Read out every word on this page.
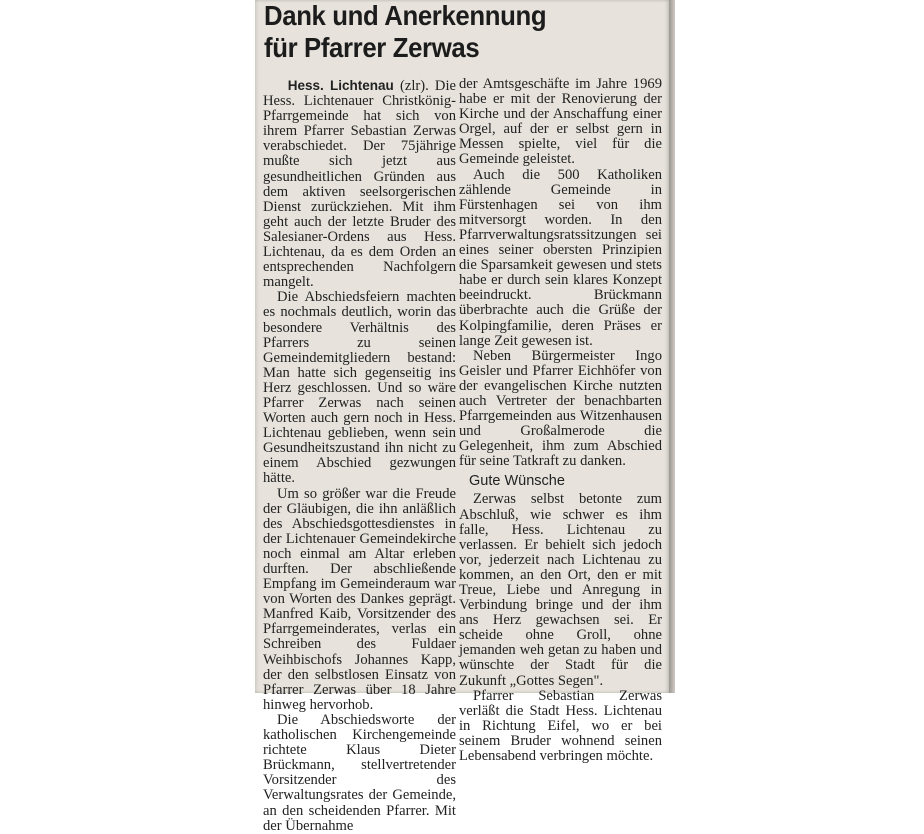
Dank und Anerkennung
für Pfarrer Zerwas

Hess. Lichtenau (zlr). Die Hess. Lichtenauer Christkönig-Pfarrgemeinde hat sich von ihrem Pfarrer Sebastian Zerwas verabschiedet. Der 75jährige mußte sich jetzt aus gesundheitlichen Gründen aus dem aktiven seelsorgerischen Dienst zurückziehen. Mit ihm geht auch der letzte Bruder des Salesianer-Ordens aus Hess. Lichtenau, da es dem Orden an entsprechenden Nachfolgern mangelt.

Die Abschiedsfeiern machten es nochmals deutlich, worin das besondere Verhältnis des Pfarrers zu seinen Gemeindemitgliedern bestand: Man hatte sich gegenseitig ins Herz geschlossen. Und so wäre Pfarrer Zerwas nach seinen Worten auch gern noch in Hess. Lichtenau geblieben, wenn sein Gesundheitszustand ihn nicht zu einem Abschied gezwungen hätte.

Um so größer war die Freude der Gläubigen, die ihn anläßlich des Abschiedsgottesdienstes in der Lichtenauer Gemeindekirche noch einmal am Altar erleben durften. Der abschließende Empfang im Gemeinderaum war von Worten des Dankes geprägt. Manfred Kaib, Vorsitzender des Pfarrgemeinderates, verlas ein Schreiben des Fuldaer Weihbischofs Johannes Kapp, der den selbstlosen Einsatz von Pfarrer Zerwas über 18 Jahre hinweg hervorhob.

Die Abschiedsworte der katholischen Kirchengemeinde richtete Klaus Dieter Brückmann, stellvertretender Vorsitzender des Verwaltungsrates der Gemeinde, an den scheidenden Pfarrer. Mit der Übernahme

der Amtsgeschäfte im Jahre 1969 habe er mit der Renovierung der Kirche und der Anschaffung einer Orgel, auf der er selbst gern in Messen spielte, viel für die Gemeinde geleistet.

Auch die 500 Katholiken zählende Gemeinde in Fürstenhagen sei von ihm mitversorgt worden. In den Pfarrverwaltungsratssitzungen sei eines seiner obersten Prinzipien die Sparsamkeit gewesen und stets habe er durch sein klares Konzept beeindruckt. Brückmann überbrachte auch die Grüße der Kolpingfamilie, deren Präses er lange Zeit gewesen ist.

Neben Bürgermeister Ingo Geisler und Pfarrer Eichhöfer von der evangelischen Kirche nutzten auch Vertreter der benachbarten Pfarrgemeinden aus Witzenhausen und Großalmerode die Gelegenheit, ihm zum Abschied für seine Tatkraft zu danken.

Gute Wünsche

Zerwas selbst betonte zum Abschluß, wie schwer es ihm falle, Hess. Lichtenau zu verlassen. Er behielt sich jedoch vor, jederzeit nach Lichtenau zu kommen, an den Ort, den er mit Treue, Liebe und Anregung in Verbindung bringe und der ihm ans Herz gewachsen sei. Er scheide ohne Groll, ohne jemanden weh getan zu haben und wünschte der Stadt für die Zukunft „Gottes Segen".

Pfarrer Sebastian Zerwas verläßt die Stadt Hess. Lichtenau in Richtung Eifel, wo er bei seinem Bruder wohnend seinen Lebensabend verbringen möchte.
